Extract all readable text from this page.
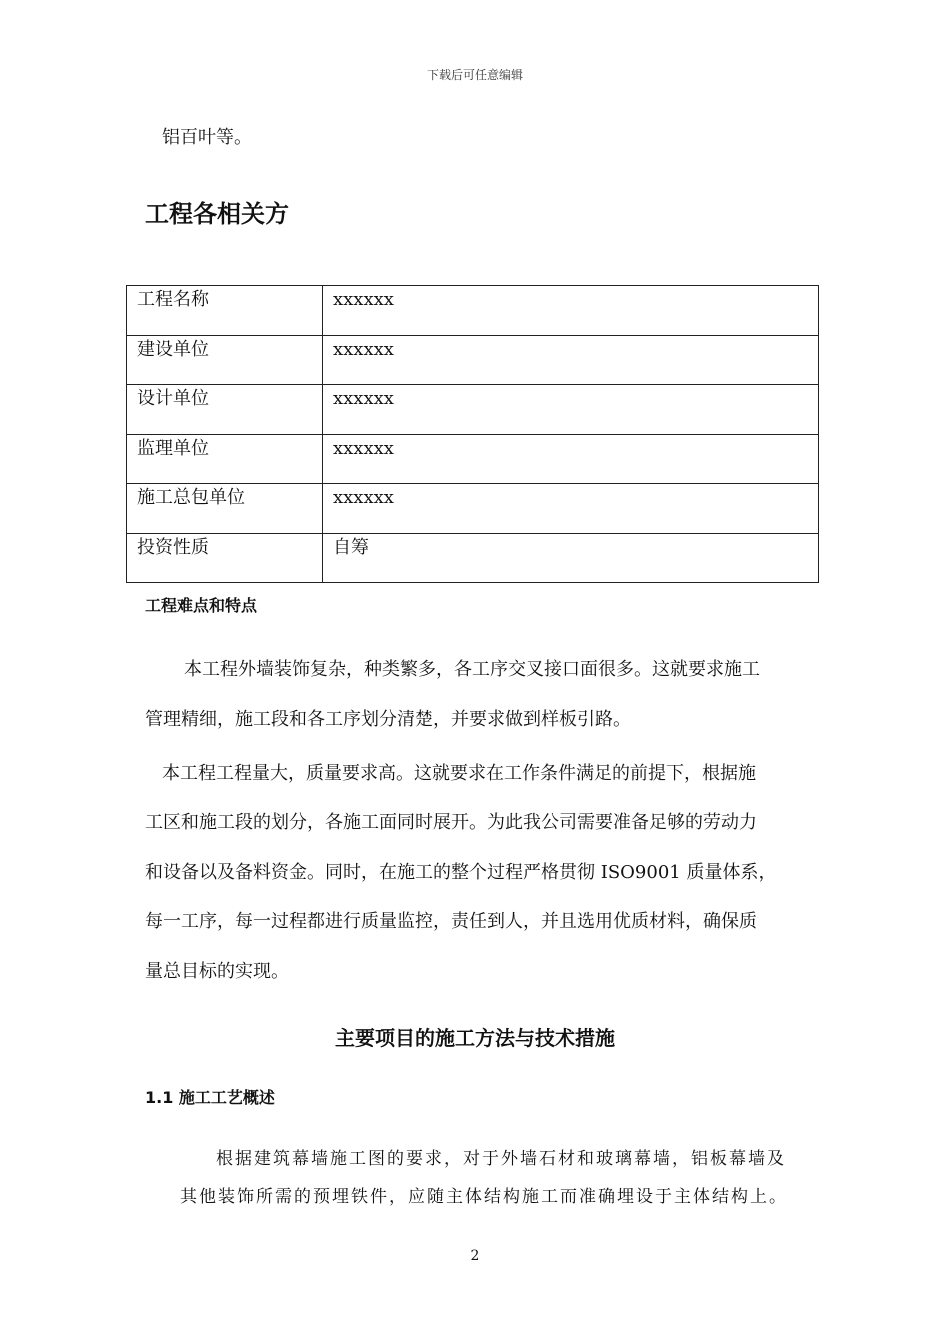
下载后可任意编辑
铝百叶等。
工程各相关方
工程名称	xxxxxx
建设单位	xxxxxx
设计单位	xxxxxx
监理单位	xxxxxx
施工总包单位	xxxxxx
投资性质	自筹
工程难点和特点
本工程外墙装饰复杂，种类繁多，各工序交叉接口面很多。这就要求施工
管理精细，施工段和各工序划分清楚，并要求做到样板引路。
本工程工程量大，质量要求高。这就要求在工作条件满足的前提下，根据施
工区和施工段的划分，各施工面同时展开。为此我公司需要准备足够的劳动力
和设备以及备料资金。同时，在施工的整个过程严格贯彻 ISO9001 质量体系，
每一工序，每一过程都进行质量监控，责任到人，并且选用优质材料，确保质
量总目标的实现。
主要项目的施工方法与技术措施
1.1 施工工艺概述
根据建筑幕墙施工图的要求，对于外墙石材和玻璃幕墙，铝板幕墙及
其他装饰所需的预埋铁件，应随主体结构施工而准确埋设于主体结构上。
2
